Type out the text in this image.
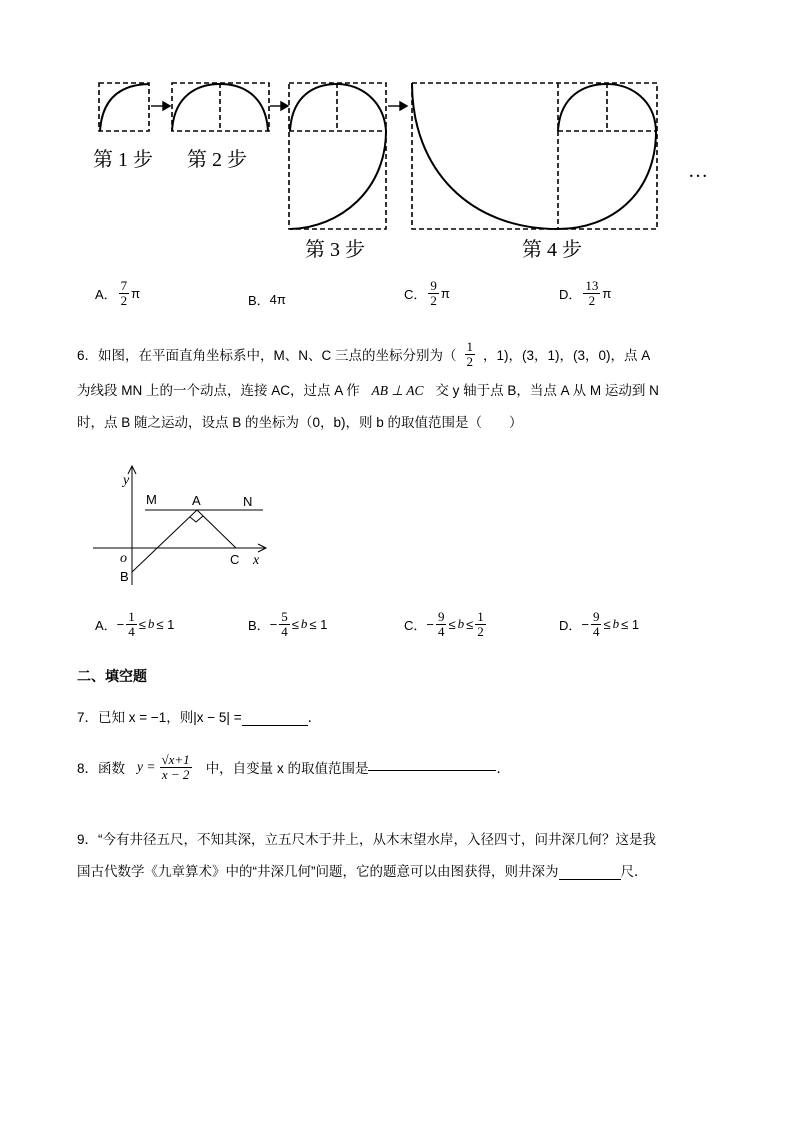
第 1 步 第 2 步
第 3 步	第 4 步
…
A． $\frac{7}{2}$ π	B． 4π	C． $\frac{9}{2}$ π	D． $\frac{13}{2}$ π
6．如图，在平面直角坐标系中，M、N、C 三点的坐标分别为（ $\frac{1}{2}$ ，1)，(3，1)，(3，0)，点 A
为线段 MN 上的一个动点，连接 AC，过点 A 作 AB ⊥ AC 交 y 轴于点 B，当点 A 从 M 运动到 N
时，点 B 随之运动，设点 B 的坐标为（0，b)，则 b 的取值范围是（　　）
y
x
o
M	A	N
B
C
A． − $\frac{1}{4} \le b \le 1$	B． − $\frac{5}{4} \le b \le 1$	C． − $\frac{9}{4} \le b \le \frac{1}{2}$	D． − $\frac{9}{4} \le b \le 1$
二、填空题
7．已知 x = −1，则|x − 5| =	．
8．函数 $y = \frac{√x+1}{x - 2}$ 中，自变量 x 的取值范围是	．
9．“今有井径五尺，不知其深，立五尺木于井上，从木末望水岸，入径四寸，问井深几何？这是我
国古代数学《九章算术》中的“井深几何”问题，它的题意可以由图获得，则井深为	尺．
